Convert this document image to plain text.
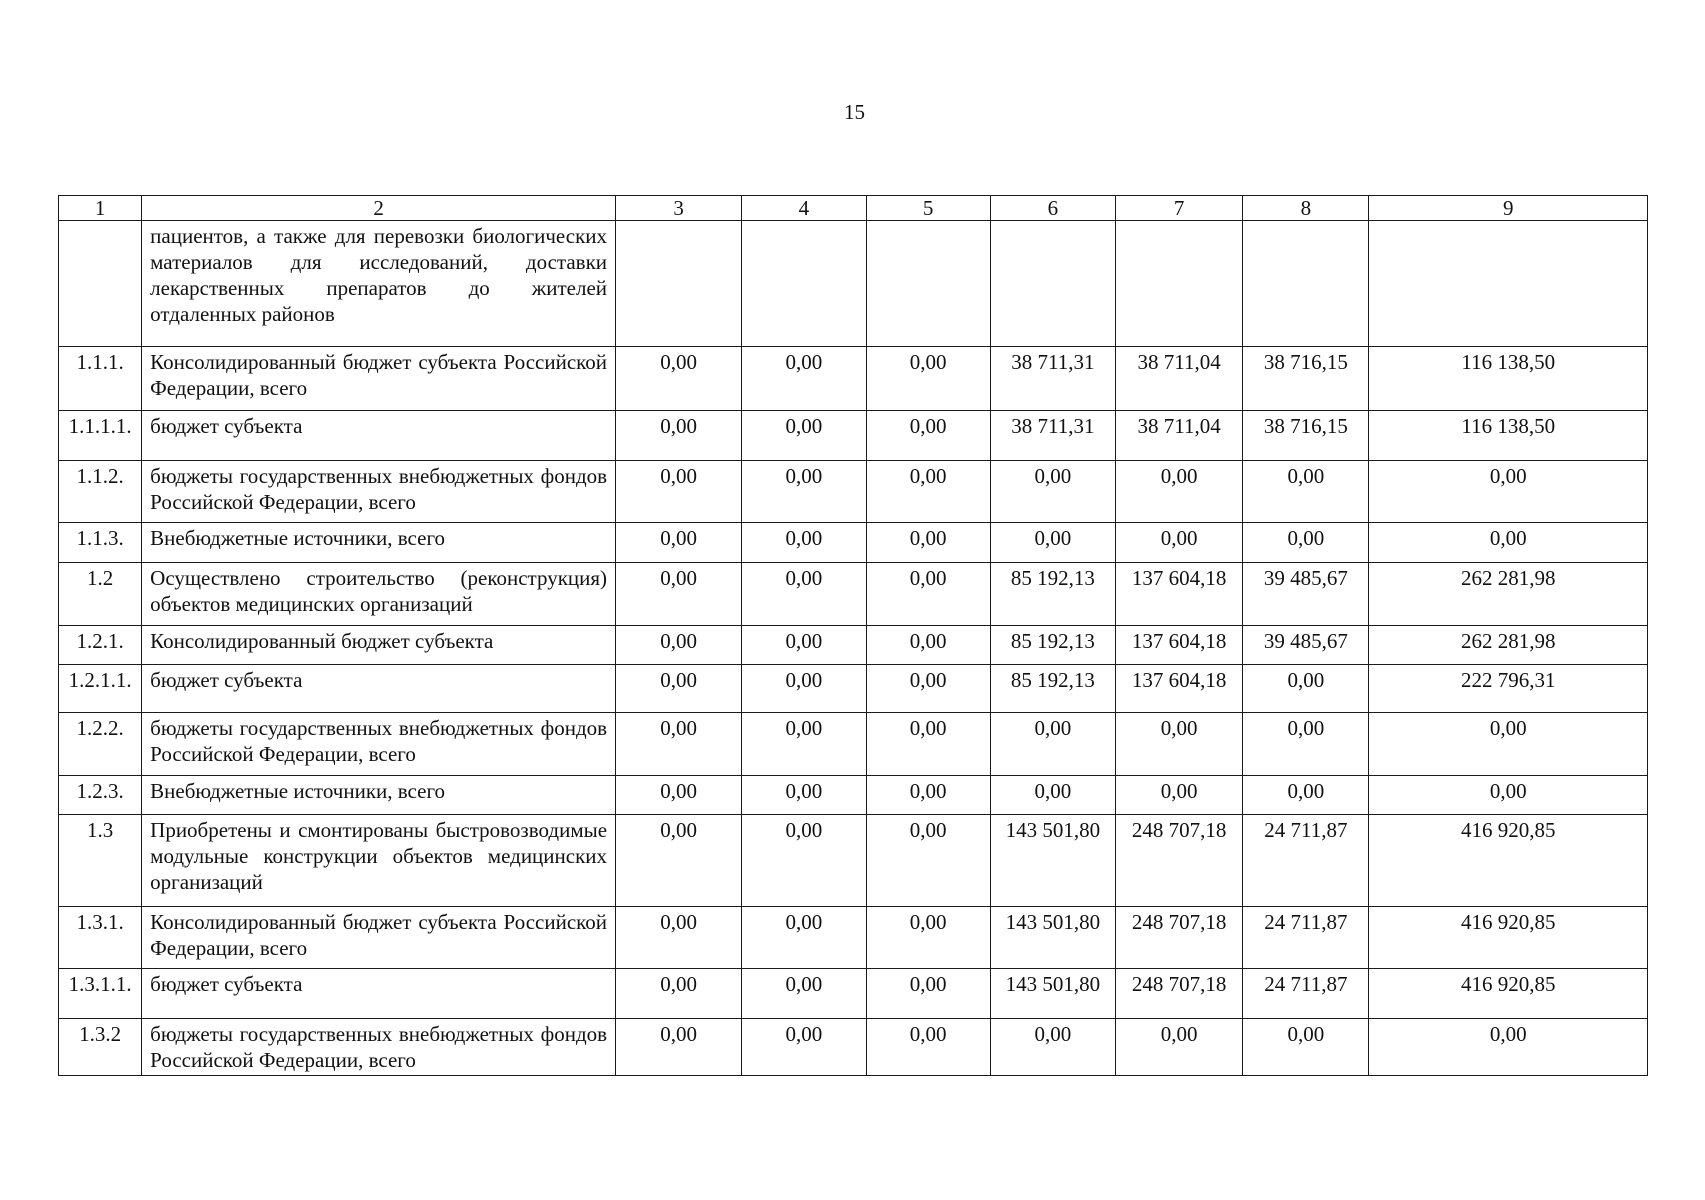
15
1	2	3	4	5	6	7	8	9
	пациентов, а также для перевозки биологических материалов для исследований, доставки лекарственных препаратов до жителей отдаленных районов							
1.1.1.	Консолидированный бюджет субъекта Российской Федерации, всего	0,00	0,00	0,00	38 711,31	38 711,04	38 716,15	116 138,50
1.1.1.1.	бюджет субъекта	0,00	0,00	0,00	38 711,31	38 711,04	38 716,15	116 138,50
1.1.2.	бюджеты государственных внебюджетных фондов Российской Федерации, всего	0,00	0,00	0,00	0,00	0,00	0,00	0,00
1.1.3.	Внебюджетные источники, всего	0,00	0,00	0,00	0,00	0,00	0,00	0,00
1.2	Осуществлено строительство (реконструкция) объектов медицинских организаций	0,00	0,00	0,00	85 192,13	137 604,18	39 485,67	262 281,98
1.2.1.	Консолидированный бюджет субъекта	0,00	0,00	0,00	85 192,13	137 604,18	39 485,67	262 281,98
1.2.1.1.	бюджет субъекта	0,00	0,00	0,00	85 192,13	137 604,18	0,00	222 796,31
1.2.2.	бюджеты государственных внебюджетных фондов Российской Федерации, всего	0,00	0,00	0,00	0,00	0,00	0,00	0,00
1.2.3.	Внебюджетные источники, всего	0,00	0,00	0,00	0,00	0,00	0,00	0,00
1.3	Приобретены и смонтированы быстровозводимые модульные конструкции объектов медицинских организаций	0,00	0,00	0,00	143 501,80	248 707,18	24 711,87	416 920,85
1.3.1.	Консолидированный бюджет субъекта Российской Федерации, всего	0,00	0,00	0,00	143 501,80	248 707,18	24 711,87	416 920,85
1.3.1.1.	бюджет субъекта	0,00	0,00	0,00	143 501,80	248 707,18	24 711,87	416 920,85
1.3.2	бюджеты государственных внебюджетных фондов Российской Федерации, всего	0,00	0,00	0,00	0,00	0,00	0,00	0,00
